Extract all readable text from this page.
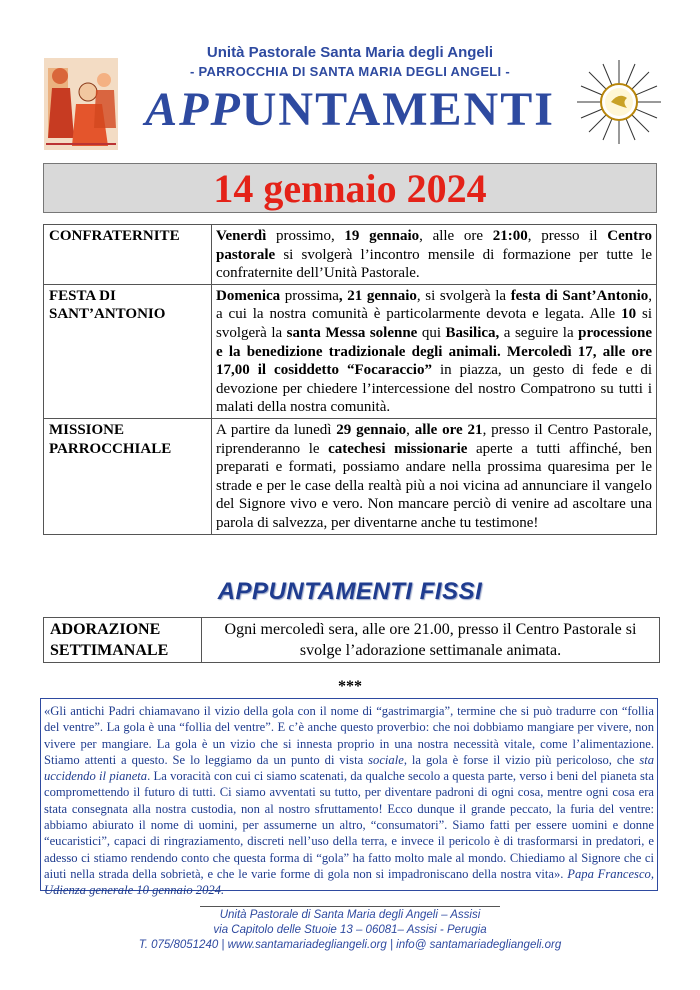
Unità Pastorale Santa Maria degli Angeli
- PARROCCHIA DI SANTA MARIA DEGLI ANGELI -
APPUNTAMENTI
14 gennaio 2024
CONFRATERNITE	Venerdì prossimo, 19 gennaio, alle ore 21:00, presso il Centro pastorale si svolgerà l’incontro mensile di formazione per tutte le confraternite dell’Unità Pastorale.
FESTA DI
SANT’ANTONIO	Domenica prossima, 21 gennaio, si svolgerà la festa di Sant’Antonio, a cui la nostra comunità è particolarmente devota e legata. Alle 10 si svolgerà la santa Messa solenne qui Basilica, a seguire la processione e la benedizione tradizionale degli animali. Mercoledì 17, alle ore 17,00 il cosiddetto “Focaraccio” in piazza, un gesto di fede e di devozione per chiedere l’intercessione del nostro Compatrono su tutti i malati della nostra comunità.
MISSIONE
PARROCCHIALE	A partire da lunedì 29 gennaio, alle ore 21, presso il Centro Pastorale, riprenderanno le catechesi missionarie aperte a tutti affinché, ben preparati e formati, possiamo andare nella prossima quaresima per le strade e per le case della realtà più a noi vicina ad annunciare il vangelo del Signore vivo e vero. Non mancare perciò di venire ad ascoltare una parola di salvezza, per diventarne anche tu testimone!
APPUNTAMENTI FISSI
ADORAZIONE
SETTIMANALE	Ogni mercoledì sera, alle ore 21.00, presso il Centro Pastorale si svolge l’adorazione settimanale animata.
***
«Gli antichi Padri chiamavano il vizio della gola con il nome di “gastrimargia”, termine che si può tradurre con “follia del ventre”. La gola è una “follia del ventre”. E c’è anche questo proverbio: che noi dobbiamo mangiare per vivere, non vivere per mangiare. La gola è un vizio che si innesta proprio in una nostra necessità vitale, come l’alimentazione. Stiamo attenti a questo. Se lo leggiamo da un punto di vista sociale, la gola è forse il vizio più pericoloso, che sta uccidendo il pianeta. La voracità con cui ci siamo scatenati, da qualche secolo a questa parte, verso i beni del pianeta sta compromettendo il futuro di tutti. Ci siamo avventati su tutto, per diventare padroni di ogni cosa, mentre ogni cosa era stata consegnata alla nostra custodia, non al nostro sfruttamento! Ecco dunque il grande peccato, la furia del ventre: abbiamo abiurato il nome di uomini, per assumerne un altro, “consumatori”. Siamo fatti per essere uomini e donne “eucaristici”, capaci di ringraziamento, discreti nell’uso della terra, e invece il pericolo è di trasformarsi in predatori, e adesso ci stiamo rendendo conto che questa forma di “gola” ha fatto molto male al mondo. Chiediamo al Signore che ci aiuti nella strada della sobrietà, e che le varie forme di gola non si impadroniscano della nostra vita». Papa Francesco, Udienza generale 10 gennaio 2024.
Unità Pastorale di Santa Maria degli Angeli – Assisi
via Capitolo delle Stuoie 13 – 06081– Assisi - Perugia
T. 075/8051240 | www.santamariadegliangeli.org | info@ santamariadegliangeli.org
